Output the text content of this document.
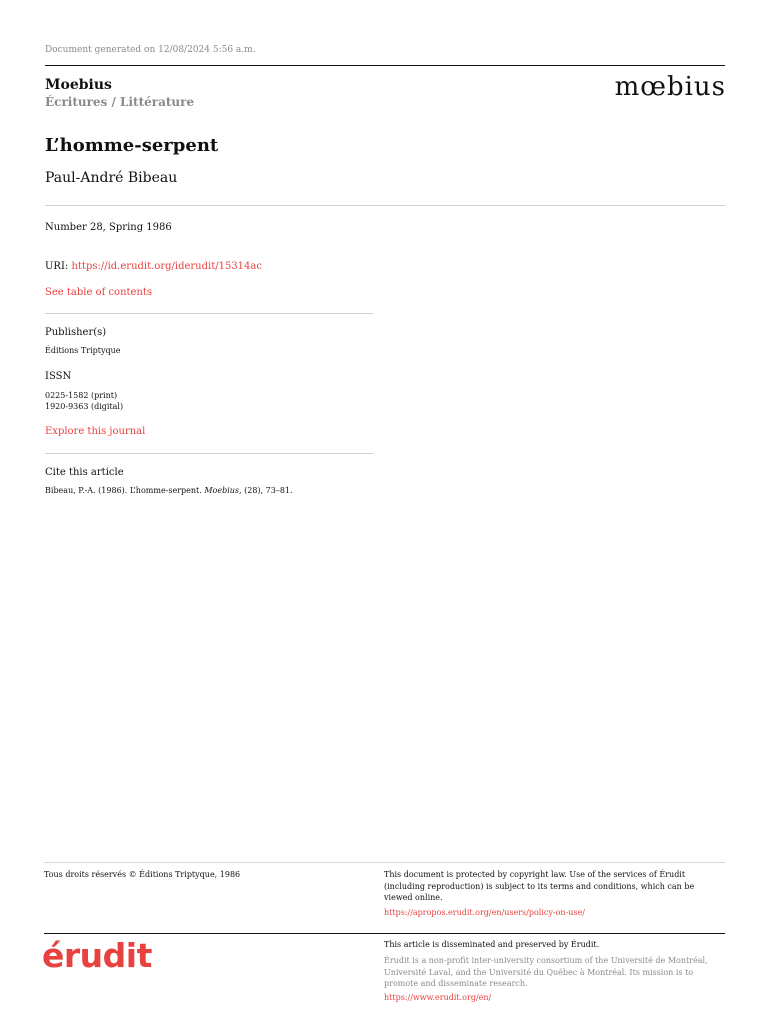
Document generated on 12/08/2024 5:56 a.m.
Moebius
Écritures / Littérature	mœbius
L’homme-serpent
Paul-André Bibeau
Number 28, Spring 1986
URI: https://id.erudit.org/iderudit/15314ac
See table of contents
Publisher(s)
Éditions Triptyque
ISSN
0225-1582 (print)
1920-9363 (digital)
Explore this journal
Cite this article
Bibeau, P.-A. (1986). L’homme-serpent. Moebius, (28), 73–81.
Tous droits réservés © Éditions Triptyque, 1986	This document is protected by copyright law. Use of the services of Érudit (including reproduction) is subject to its terms and conditions, which can be viewed online.
https://apropos.erudit.org/en/users/policy-on-use/
érudit	This article is disseminated and preserved by Érudit.
Érudit is a non-profit inter-university consortium of the Université de Montréal, Université Laval, and the Université du Québec à Montréal. Its mission is to promote and disseminate research.
https://www.erudit.org/en/
